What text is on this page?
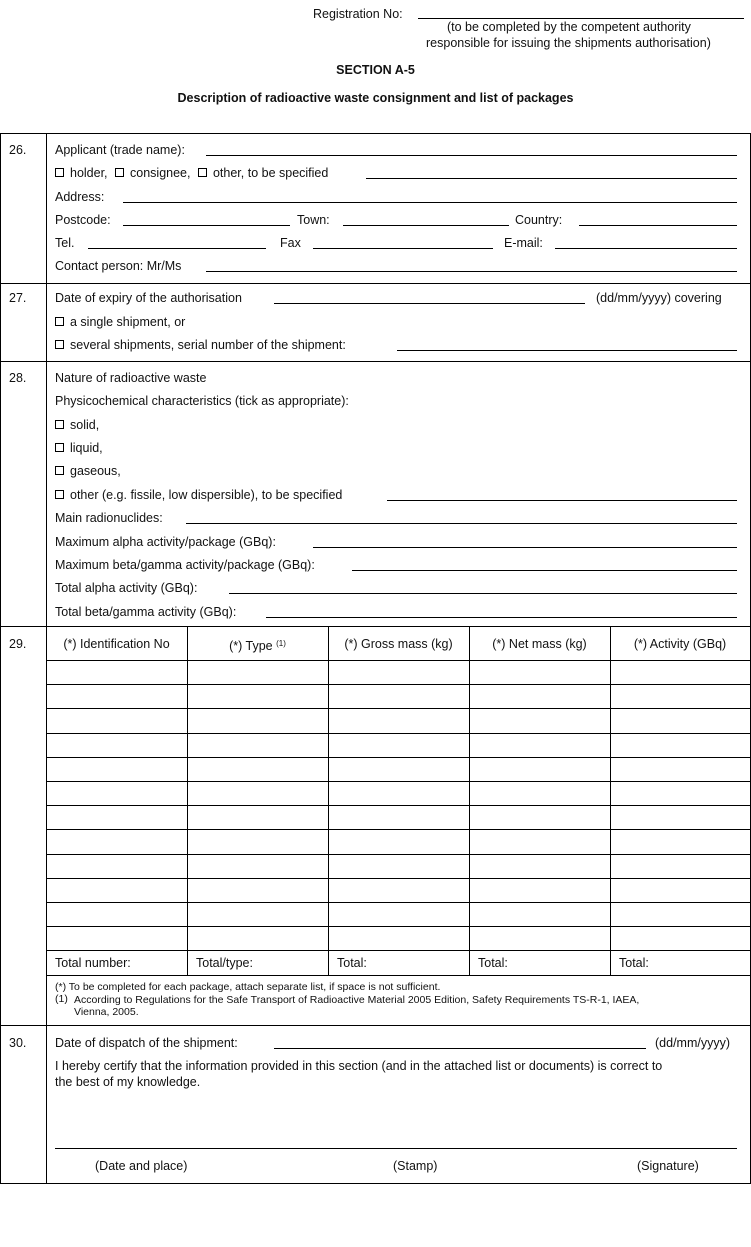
Registration No:
(to be completed by the competent authority
responsible for issuing the shipments authorisation)
SECTION A-5
Description of radioactive waste consignment and list of packages
26. Applicant (trade name):
holder, consignee, other, to be specified
Address:
Postcode:	Town:	Country:
Tel.	Fax	E-mail:
Contact person: Mr/Ms
27. Date of expiry of the authorisation	(dd/mm/yyyy) covering
a single shipment, or
several shipments, serial number of the shipment:
28. Nature of radioactive waste
Physicochemical characteristics (tick as appropriate):
solid,
liquid,
gaseous,
other (e.g. fissile, low dispersible), to be specified
Main radionuclides:
Maximum alpha activity/package (GBq):
Maximum beta/gamma activity/package (GBq):
Total alpha activity (GBq):
Total beta/gamma activity (GBq):
29.	(*) Identification No	(*) Type $^{(1)}$	(*) Gross mass (kg)	(*) Net mass (kg)	(*) Activity (GBq)
Total number:	Total/type:	Total:	Total:	Total:
(*) To be completed for each package, attach separate list, if space is not sufficient.
(1) According to Regulations for the Safe Transport of Radioactive Material 2005 Edition, Safety Requirements TS-R-1, IAEA,
Vienna, 2005.
30. Date of dispatch of the shipment:	(dd/mm/yyyy)
I hereby certify that the information provided in this section (and in the attached list or documents) is correct to
the best of my knowledge.
(Date and place)	(Stamp)	(Signature)
